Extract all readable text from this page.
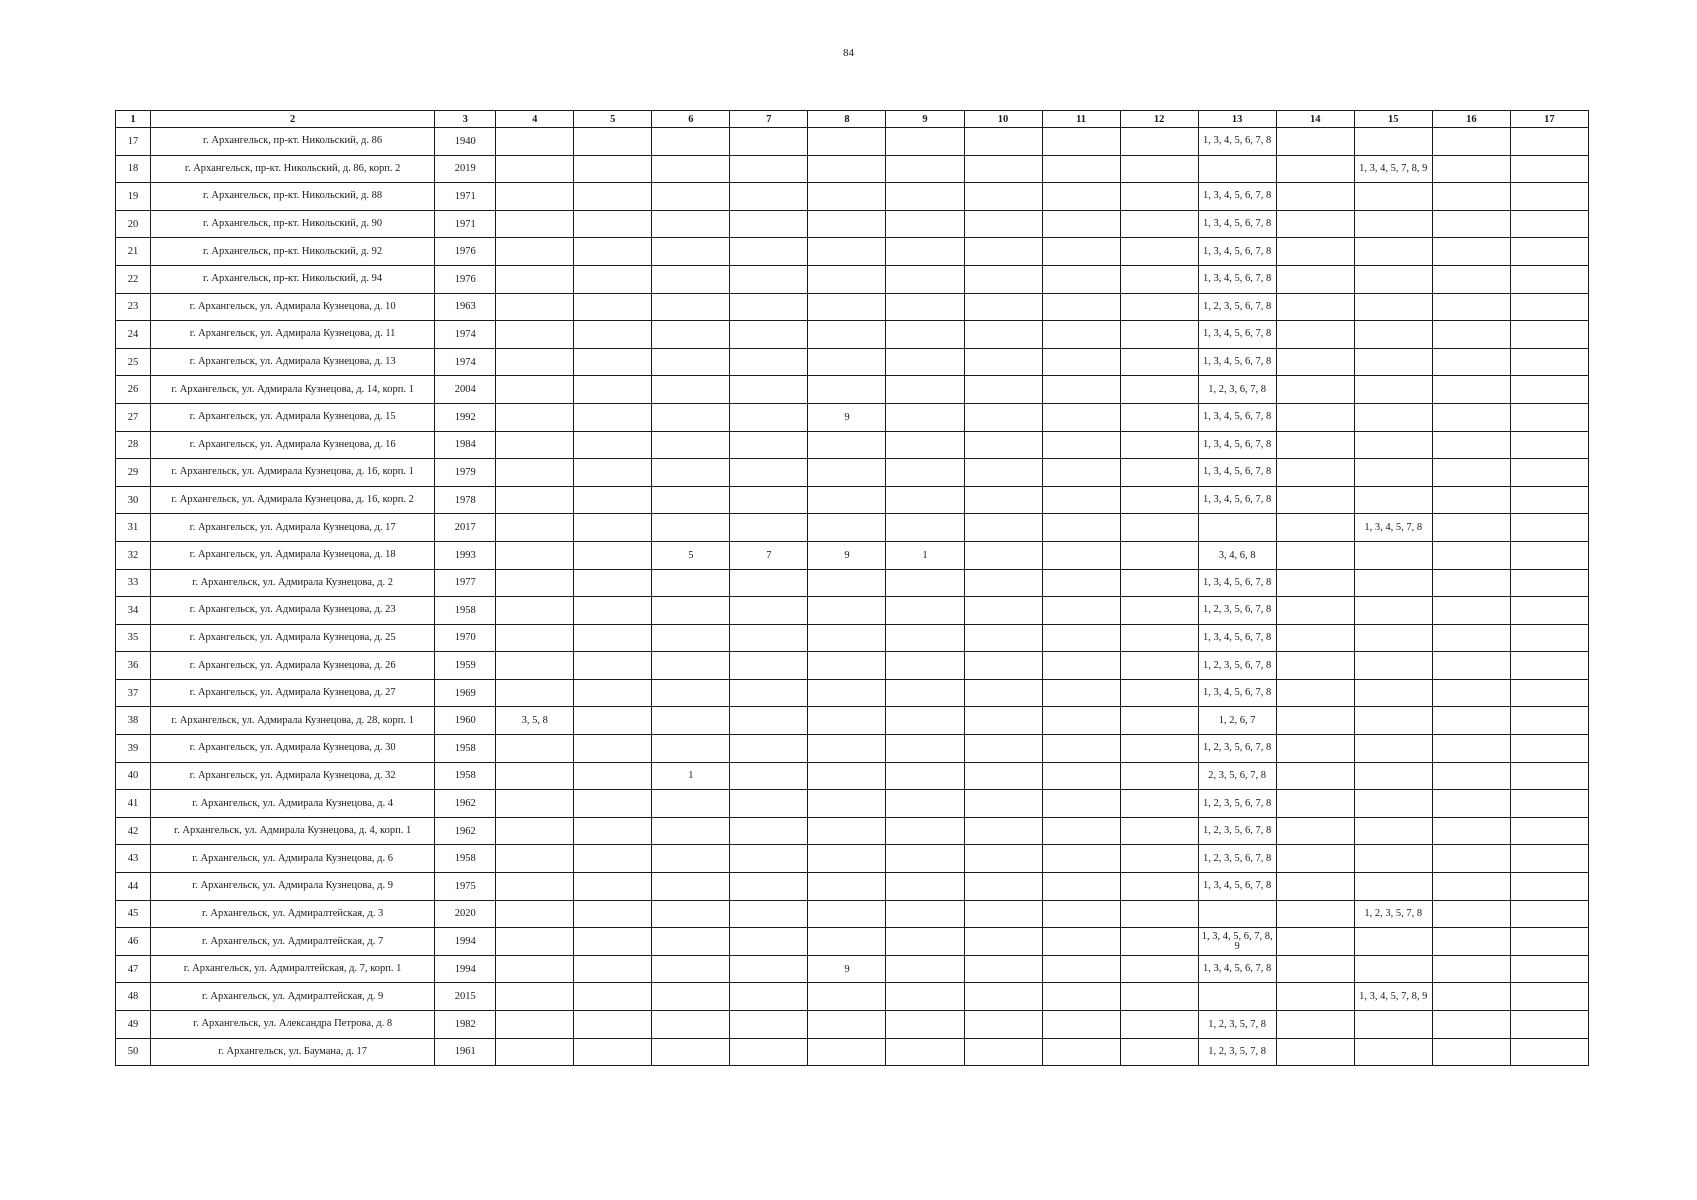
84
1	2	3	4	5	6	7	8	9	10	11	12	13	14	15	16	17
17	г. Архангельск, пр-кт. Никольский, д. 86	1940										1, 3, 4, 5, 6, 7, 8				
18	г. Архангельск, пр-кт. Никольский, д. 86, корп. 2	2019												1, 3, 4, 5, 7, 8, 9		
19	г. Архангельск, пр-кт. Никольский, д. 88	1971										1, 3, 4, 5, 6, 7, 8				
20	г. Архангельск, пр-кт. Никольский, д. 90	1971										1, 3, 4, 5, 6, 7, 8				
21	г. Архангельск, пр-кт. Никольский, д. 92	1976										1, 3, 4, 5, 6, 7, 8				
22	г. Архангельск, пр-кт. Никольский, д. 94	1976										1, 3, 4, 5, 6, 7, 8				
23	г. Архангельск, ул. Адмирала Кузнецова, д. 10	1963										1, 2, 3, 5, 6, 7, 8				
24	г. Архангельск, ул. Адмирала Кузнецова, д. 11	1974										1, 3, 4, 5, 6, 7, 8				
25	г. Архангельск, ул. Адмирала Кузнецова, д. 13	1974										1, 3, 4, 5, 6, 7, 8				
26	г. Архангельск, ул. Адмирала Кузнецова, д. 14, корп. 1	2004										1, 2, 3, 6, 7, 8				
27	г. Архангельск, ул. Адмирала Кузнецова, д. 15	1992					9					1, 3, 4, 5, 6, 7, 8				
28	г. Архангельск, ул. Адмирала Кузнецова, д. 16	1984										1, 3, 4, 5, 6, 7, 8				
29	г. Архангельск, ул. Адмирала Кузнецова, д. 16, корп. 1	1979										1, 3, 4, 5, 6, 7, 8				
30	г. Архангельск, ул. Адмирала Кузнецова, д. 16, корп. 2	1978										1, 3, 4, 5, 6, 7, 8				
31	г. Архангельск, ул. Адмирала Кузнецова, д. 17	2017												1, 3, 4, 5, 7, 8		
32	г. Архангельск, ул. Адмирала Кузнецова, д. 18	1993			5	7	9	1				3, 4, 6, 8				
33	г. Архангельск, ул. Адмирала Кузнецова, д. 2	1977										1, 3, 4, 5, 6, 7, 8				
34	г. Архангельск, ул. Адмирала Кузнецова, д. 23	1958										1, 2, 3, 5, 6, 7, 8				
35	г. Архангельск, ул. Адмирала Кузнецова, д. 25	1970										1, 3, 4, 5, 6, 7, 8				
36	г. Архангельск, ул. Адмирала Кузнецова, д. 26	1959										1, 2, 3, 5, 6, 7, 8				
37	г. Архангельск, ул. Адмирала Кузнецова, д. 27	1969										1, 3, 4, 5, 6, 7, 8				
38	г. Архангельск, ул. Адмирала Кузнецова, д. 28, корп. 1	1960	3, 5, 8									1, 2, 6, 7				
39	г. Архангельск, ул. Адмирала Кузнецова, д. 30	1958										1, 2, 3, 5, 6, 7, 8				
40	г. Архангельск, ул. Адмирала Кузнецова, д. 32	1958			1							2, 3, 5, 6, 7, 8				
41	г. Архангельск, ул. Адмирала Кузнецова, д. 4	1962										1, 2, 3, 5, 6, 7, 8				
42	г. Архангельск, ул. Адмирала Кузнецова, д. 4, корп. 1	1962										1, 2, 3, 5, 6, 7, 8				
43	г. Архангельск, ул. Адмирала Кузнецова, д. 6	1958										1, 2, 3, 5, 6, 7, 8				
44	г. Архангельск, ул. Адмирала Кузнецова, д. 9	1975										1, 3, 4, 5, 6, 7, 8				
45	г. Архангельск, ул. Адмиралтейская, д. 3	2020												1, 2, 3, 5, 7, 8		
46	г. Архангельск, ул. Адмиралтейская, д. 7	1994										1, 3, 4, 5, 6, 7, 8, 9				
47	г. Архангельск, ул. Адмиралтейская, д. 7, корп. 1	1994					9					1, 3, 4, 5, 6, 7, 8				
48	г. Архангельск, ул. Адмиралтейская, д. 9	2015												1, 3, 4, 5, 7, 8, 9		
49	г. Архангельск, ул. Александра Петрова, д. 8	1982										1, 2, 3, 5, 7, 8				
50	г. Архангельск, ул. Баумана, д. 17	1961										1, 2, 3, 5, 7, 8				
